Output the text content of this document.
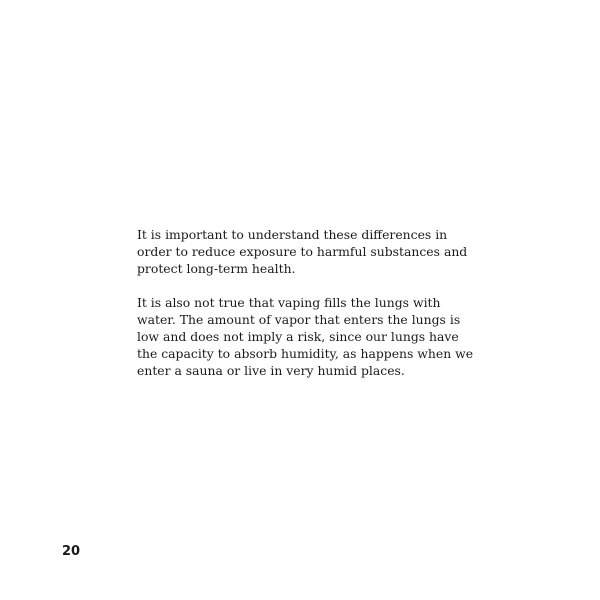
It is important to understand these differences in
order to reduce exposure to harmful substances and
protect long-term health.

It is also not true that vaping fills the lungs with
water. The amount of vapor that enters the lungs is
low and does not imply a risk, since our lungs have
the capacity to absorb humidity, as happens when we
enter a sauna or live in very humid places.

20
